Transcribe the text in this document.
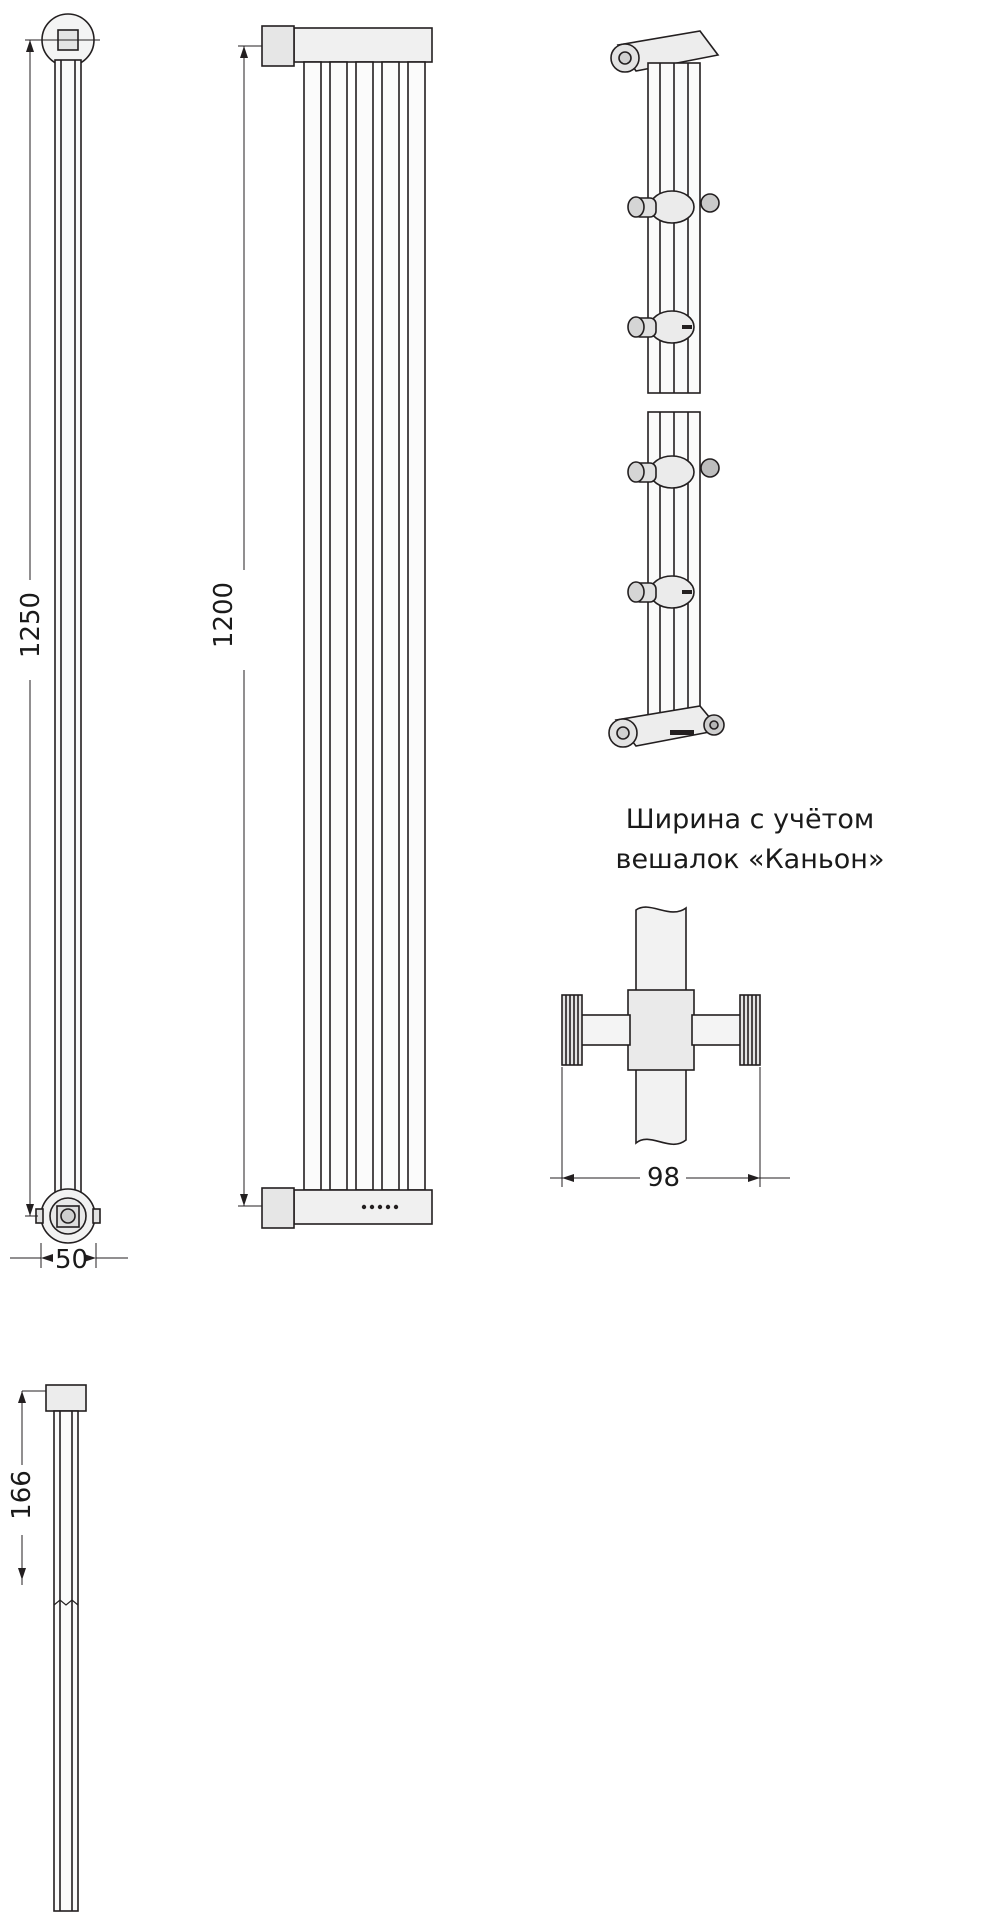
1250
50
1200
Ширина с учётом
вешалок «Каньон»
98
166
